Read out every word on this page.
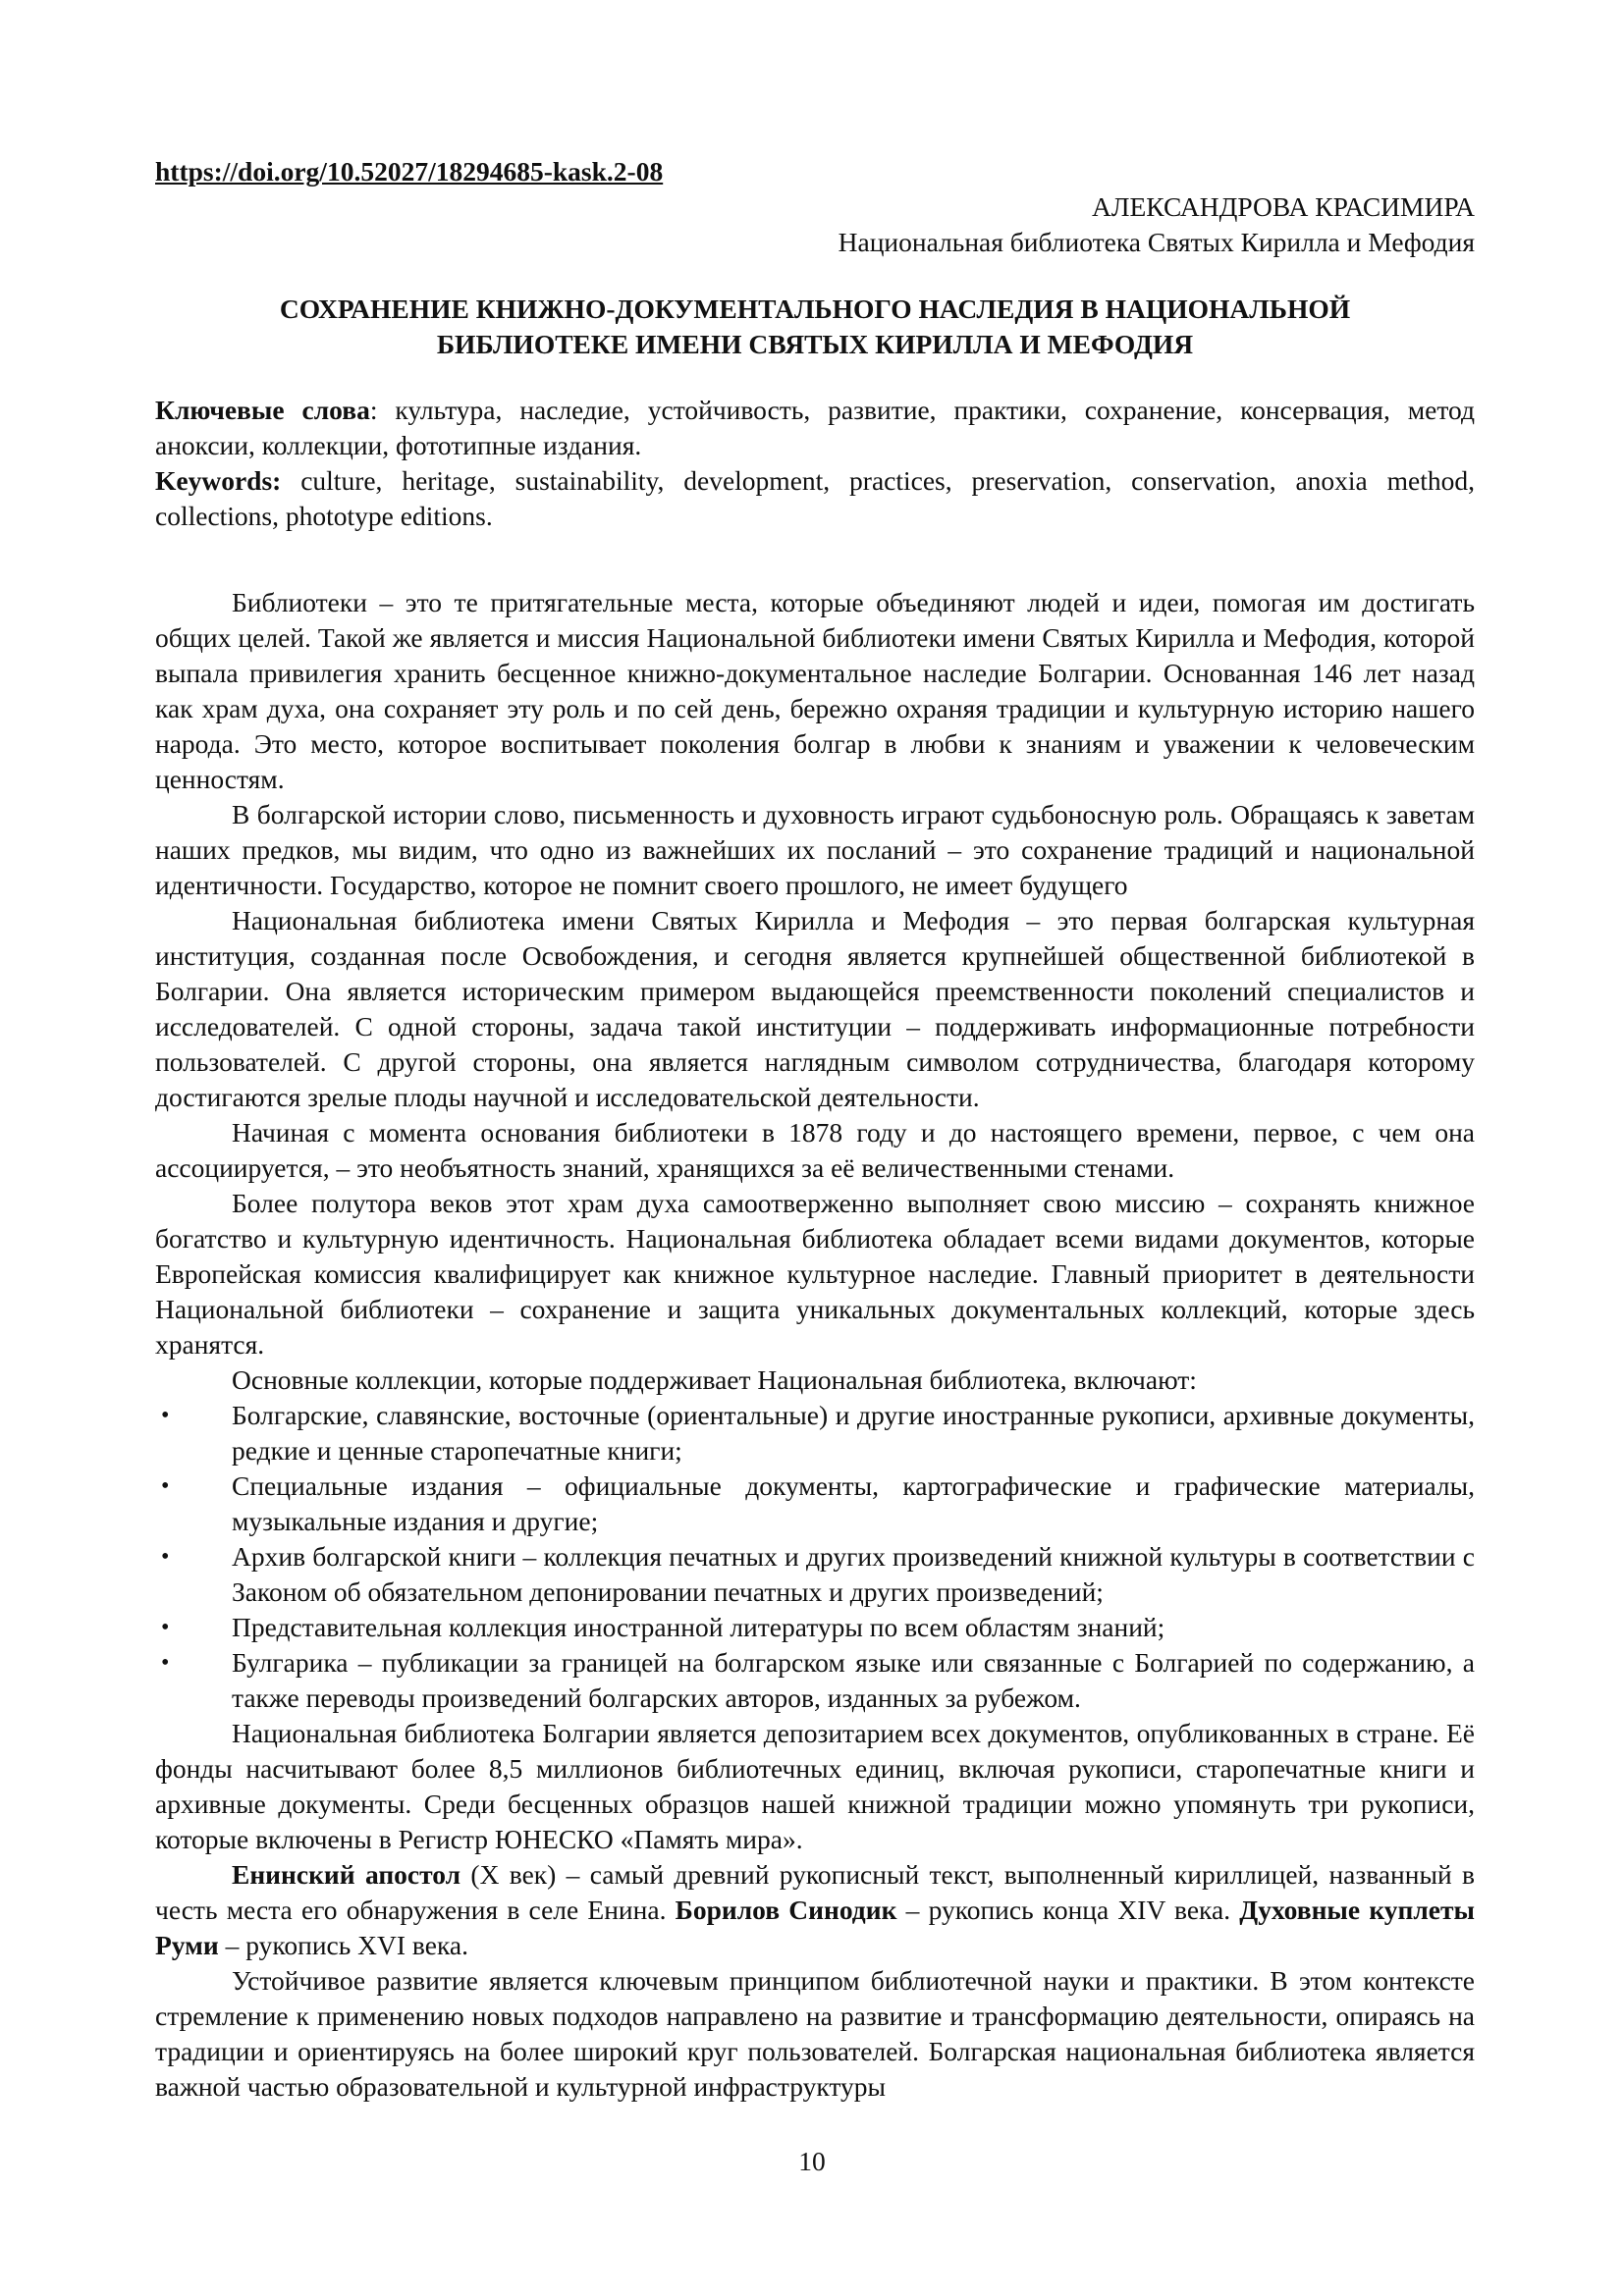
https://doi.org/10.52027/18294685-kask.2-08
АЛЕКСАНДРОВА КРАСИМИРА
Национальная библиотека Святых Кирилла и Мефодия
СОХРАНЕНИЕ КНИЖНО-ДОКУМЕНТАЛЬНОГО НАСЛЕДИЯ В НАЦИОНАЛЬНОЙ
БИБЛИОТЕКЕ ИМЕНИ СВЯТЫХ КИРИЛЛА И МЕФОДИЯ

Ключевые слова: культура, наследие, устойчивость, развитие, практики, сохранение, консервация, метод аноксии, коллекции, фототипные издания.

Keywords: culture, heritage, sustainability, development, practices, preservation, conservation, anoxia method, collections, phototype editions.

Библиотеки – это те притягательные места, которые объединяют людей и идеи, помогая им достигать общих целей. Такой же является и миссия Национальной библиотеки имени Святых Кирилла и Мефодия, которой выпала привилегия хранить бесценное книжно-документальное наследие Болгарии. Основанная 146 лет назад как храм духа, она сохраняет эту роль и по сей день, бережно охраняя традиции и культурную историю нашего народа. Это место, которое воспитывает поколения болгар в любви к знаниям и уважении к человеческим ценностям.

В болгарской истории слово, письменность и духовность играют судьбоносную роль. Обращаясь к заветам наших предков, мы видим, что одно из важнейших их посланий – это сохранение традиций и национальной идентичности. Государство, которое не помнит своего прошлого, не имеет будущего

Национальная библиотека имени Святых Кирилла и Мефодия – это первая болгарская культурная институция, созданная после Освобождения, и сегодня является крупнейшей общественной библиотекой в Болгарии. Она является историческим примером выдающейся преемственности поколений специалистов и исследователей. С одной стороны, задача такой институции – поддерживать информационные потребности пользователей. С другой стороны, она является наглядным символом сотрудничества, благодаря которому достигаются зрелые плоды научной и исследовательской деятельности.

Начиная с момента основания библиотеки в 1878 году и до настоящего времени, первое, с чем она ассоциируется, – это необъятность знаний, хранящихся за её величественными стенами.

Более полутора веков этот храм духа самоотверженно выполняет свою миссию – сохранять книжное богатство и культурную идентичность. Национальная библиотека обладает всеми видами документов, которые Европейская комиссия квалифицирует как книжное культурное наследие. Главный приоритет в деятельности Национальной библиотеки – сохранение и защита уникальных документальных коллекций, которые здесь хранятся.

Основные коллекции, которые поддерживает Национальная библиотека, включают:

• Болгарские, славянские, восточные (ориентальные) и другие иностранные рукописи, архивные документы, редкие и ценные старопечатные книги;
• Специальные издания – официальные документы, картографические и графические материалы, музыкальные издания и другие;
• Архив болгарской книги – коллекция печатных и других произведений книжной культуры в соответствии с Законом об обязательном депонировании печатных и других произведений;
• Представительная коллекция иностранной литературы по всем областям знаний;
• Булгарика – публикации за границей на болгарском языке или связанные с Болгарией по содержанию, а также переводы произведений болгарских авторов, изданных за рубежом.

Национальная библиотека Болгарии является депозитарием всех документов, опубликованных в стране. Её фонды насчитывают более 8,5 миллионов библиотечных единиц, включая рукописи, старопечатные книги и архивные документы. Среди бесценных образцов нашей книжной традиции можно упомянуть три рукописи, которые включены в Регистр ЮНЕСКО «Память мира».

Енинский апостол (X век) – самый древний рукописный текст, выполненный кириллицей, названный в честь места его обнаружения в селе Енина. Борилов Синодик – рукопись конца XIV века. Духовные куплеты Руми – рукопись XVI века.

Устойчивое развитие является ключевым принципом библиотечной науки и практики. В этом контексте стремление к применению новых подходов направлено на развитие и трансформацию деятельности, опираясь на традиции и ориентируясь на более широкий круг пользователей. Болгарская национальная библиотека является важной частью образовательной и культурной инфраструктуры

10
